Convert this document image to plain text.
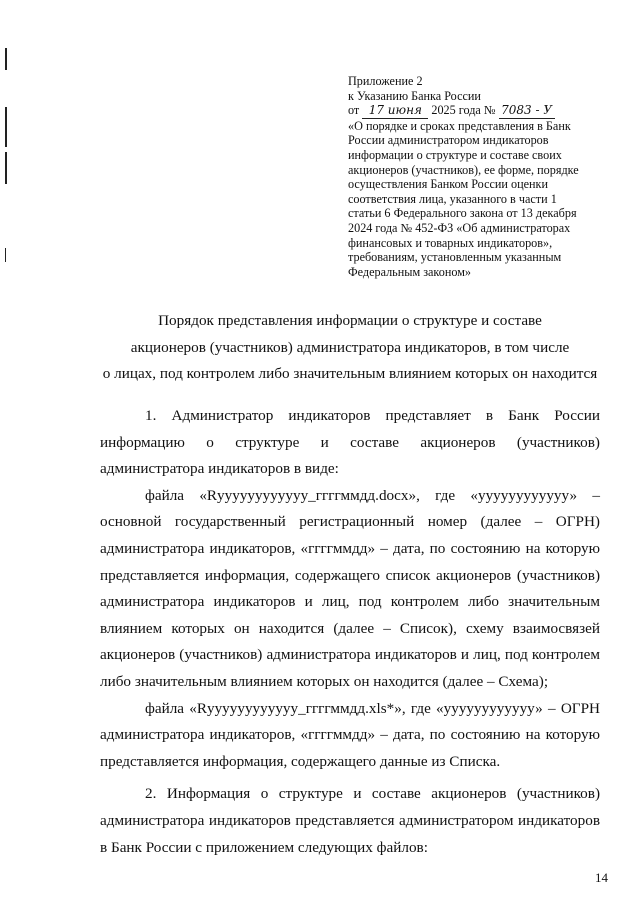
Приложение 2
к Указанию Банка России
от 17 июня 2025 года № 7083 - У
«О порядке и сроках представления в Банк
России администратором индикаторов
информации о структуре и составе своих
акционеров (участников), ее форме, порядке
осуществления Банком России оценки
соответствия лица, указанного в части 1
статьи 6 Федерального закона от 13 декабря
2024 года № 452-ФЗ «Об администраторах
финансовых и товарных индикаторов»,
требованиям, установленным указанным
Федеральным законом»
Порядок представления информации о структуре и составе
акционеров (участников) администратора индикаторов, в том числе
о лицах, под контролем либо значительным влиянием которых он находится

1. Администратор индикаторов представляет в Банк России информацию о структуре и составе акционеров (участников) администратора индикаторов в виде:

файла «Rуууууууууууу_ггггммдд.docx», где «уууууууууууу» – основной государственный регистрационный номер (далее – ОГРН) администратора индикаторов, «ггггммдд» – дата, по состоянию на которую представляется информация, содержащего список акционеров (участников) администратора индикаторов и лиц, под контролем либо значительным влиянием которых он находится (далее – Список), схему взаимосвязей акционеров (участников) администратора индикаторов и лиц, под контролем либо значительным влиянием которых он находится (далее – Схема);

файла «Rуууууууууууу_ггггммдд.xls*», где «уууууууууууу» – ОГРН администратора индикаторов, «ггггммдд» – дата, по состоянию на которую представляется информация, содержащего данные из Списка.

2. Информация о структуре и составе акционеров (участников) администратора индикаторов представляется администратором индикаторов в Банк России с приложением следующих файлов:

14
